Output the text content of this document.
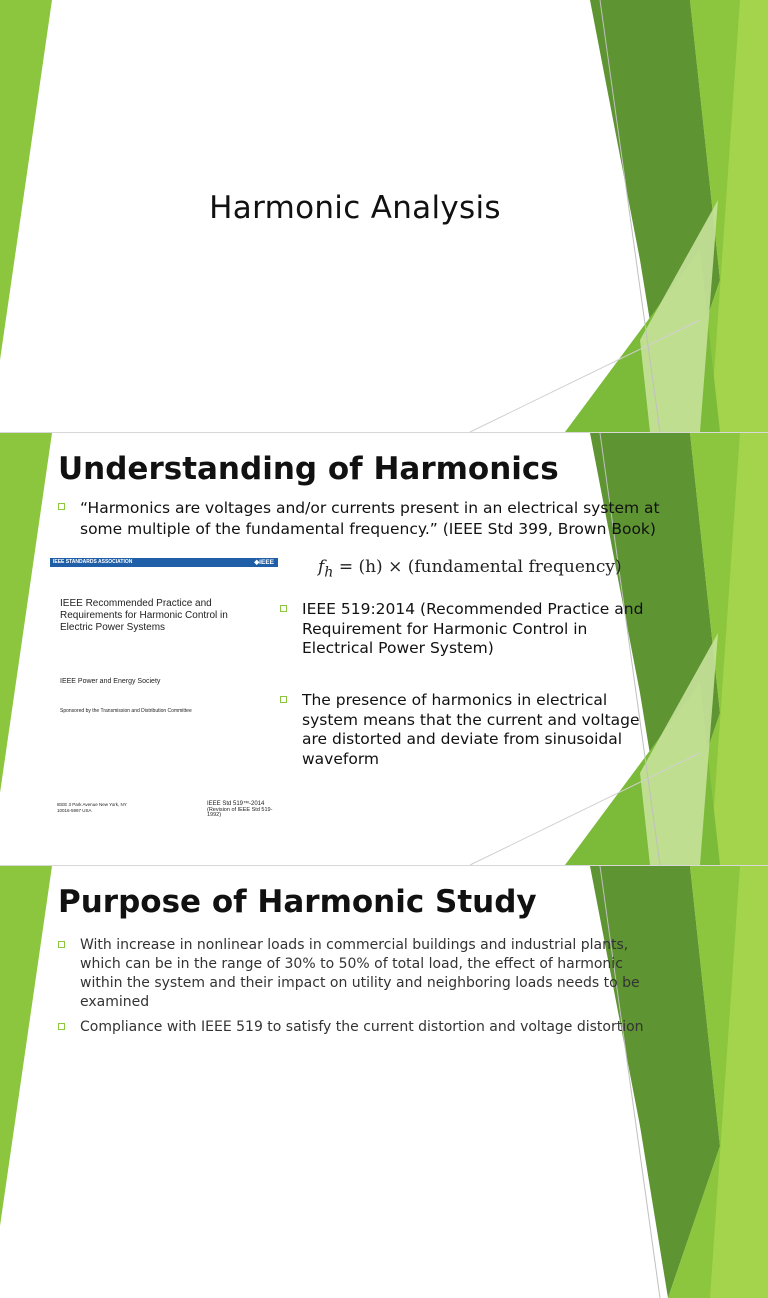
Harmonic Analysis
Understanding of Harmonics
“Harmonics are voltages and/or currents present in an electrical system at some multiple of the fundamental frequency.” (IEEE Std 399, Brown Book)
$f_h = (h)$ × (fundamental frequency)
IEEE STANDARDS ASSOCIATION	◆IEEE
IEEE Recommended Practice and Requirements for Harmonic Control in Electric Power Systems
IEEE Power and Energy Society
Sponsored by the Transmission and Distribution Committee
IEEE 3 Park Avenue New York, NY 10016-5997 USA
IEEE Std 519™-2014
(Revision of IEEE Std 519-1992)
IEEE 519:2014 (Recommended Practice and Requirement for Harmonic Control in Electrical Power System)
The presence of harmonics in electrical system means that the current and voltage are distorted and deviate from sinusoidal waveform
Purpose of Harmonic Study
With increase in nonlinear loads in commercial buildings and industrial plants, which can be in the range of 30% to 50% of total load, the effect of harmonic within the system and their impact on utility and neighboring loads needs to be examined
Compliance with IEEE 519 to satisfy the current distortion and voltage distortion
